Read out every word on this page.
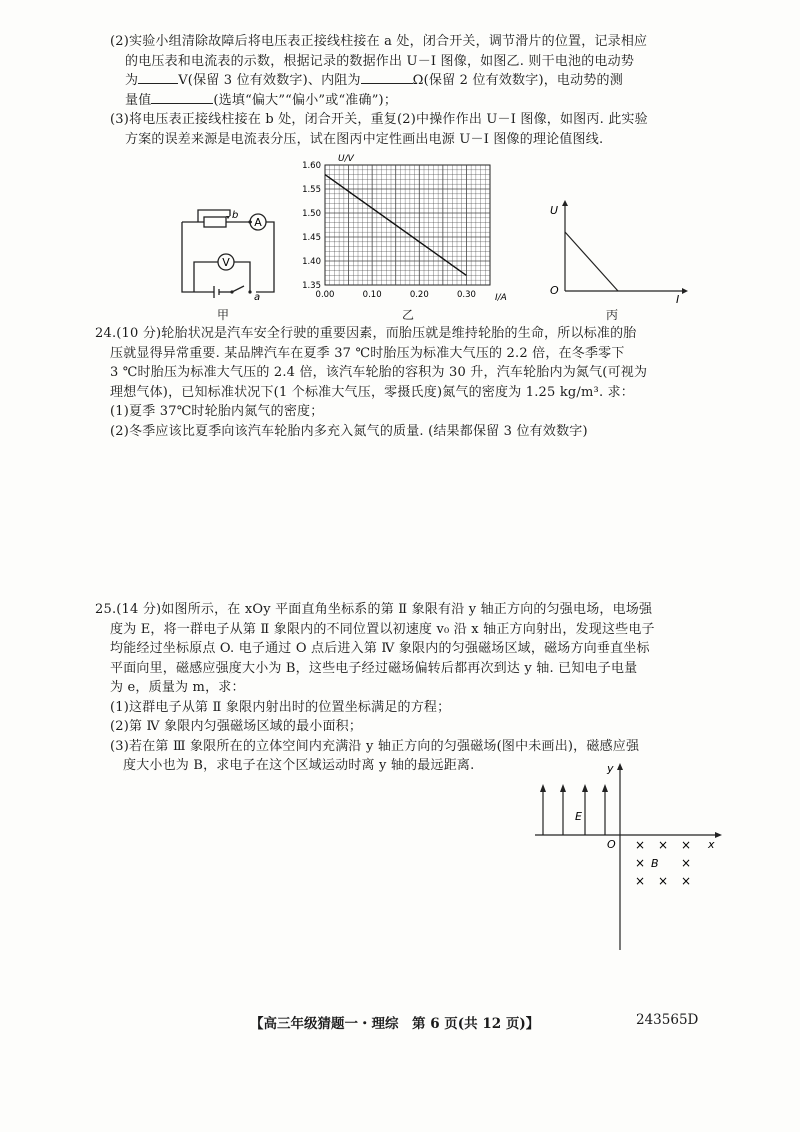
(2)实验小组清除故障后将电压表正接线柱接在 a 处，闭合开关，调节滑片的位置，记录相应
的电压表和电流表的示数，根据记录的数据作出 U－I 图像，如图乙. 则干电池的电动势
为	V(保留 3 位有效数字)、内阻为	Ω(保留 2 位有效数字)，电动势的测
量值	(选填“偏大”“偏小”或“准确”)；
(3)将电压表正接线柱接在 b 处，闭合开关，重复(2)中操作作出 U－I 图像，如图丙. 此实验
方案的误差来源是电流表分压，试在图丙中定性画出电源 U－I 图像的理论值图线.
A
V
b
a
甲
0.00	0.10	0.20	0.30
1.35
1.40
1.45
1.50
1.55
1.60
U/V
I/A
乙
U
I
O
丙
24.(10 分)轮胎状况是汽车安全行驶的重要因素，而胎压就是维持轮胎的生命，所以标准的胎
压就显得异常重要. 某品牌汽车在夏季 37 ℃时胎压为标准大气压的 2.2 倍，在冬季零下
3 ℃时胎压为标准大气压的 2.4 倍，该汽车轮胎的容积为 30 升，汽车轮胎内为氮气(可视为
理想气体)，已知标准状况下(1 个标准大气压，零摄氏度)氮气的密度为 1.25 kg/m³. 求：
(1)夏季 37℃时轮胎内氮气的密度；
(2)冬季应该比夏季向该汽车轮胎内多充入氮气的质量. (结果都保留 3 位有效数字)
25.(14 分)如图所示，在 xOy 平面直角坐标系的第 Ⅱ 象限有沿 y 轴正方向的匀强电场，电场强
度为 E，将一群电子从第 Ⅱ 象限内的不同位置以初速度 v₀ 沿 x 轴正方向射出，发现这些电子
均能经过坐标原点 O. 电子通过 O 点后进入第 Ⅳ 象限内的匀强磁场区域，磁场方向垂直坐标
平面向里，磁感应强度大小为 B，这些电子经过磁场偏转后都再次到达 y 轴. 已知电子电量
为 e，质量为 m，求：
(1)这群电子从第 Ⅱ 象限内射出时的位置坐标满足的方程；
(2)第 Ⅳ 象限内匀强磁场区域的最小面积；
(3)若在第 Ⅲ 象限所在的立体空间内充满沿 y 轴正方向的匀强磁场(图中未画出)，磁感应强
度大小也为 B，求电子在这个区域运动时离 y 轴的最远距离.
E
y
x
O × × ×
×	×
× × ×
B
【高三年级猜题一・理综　第 6 页(共 12 页)】	243565D
